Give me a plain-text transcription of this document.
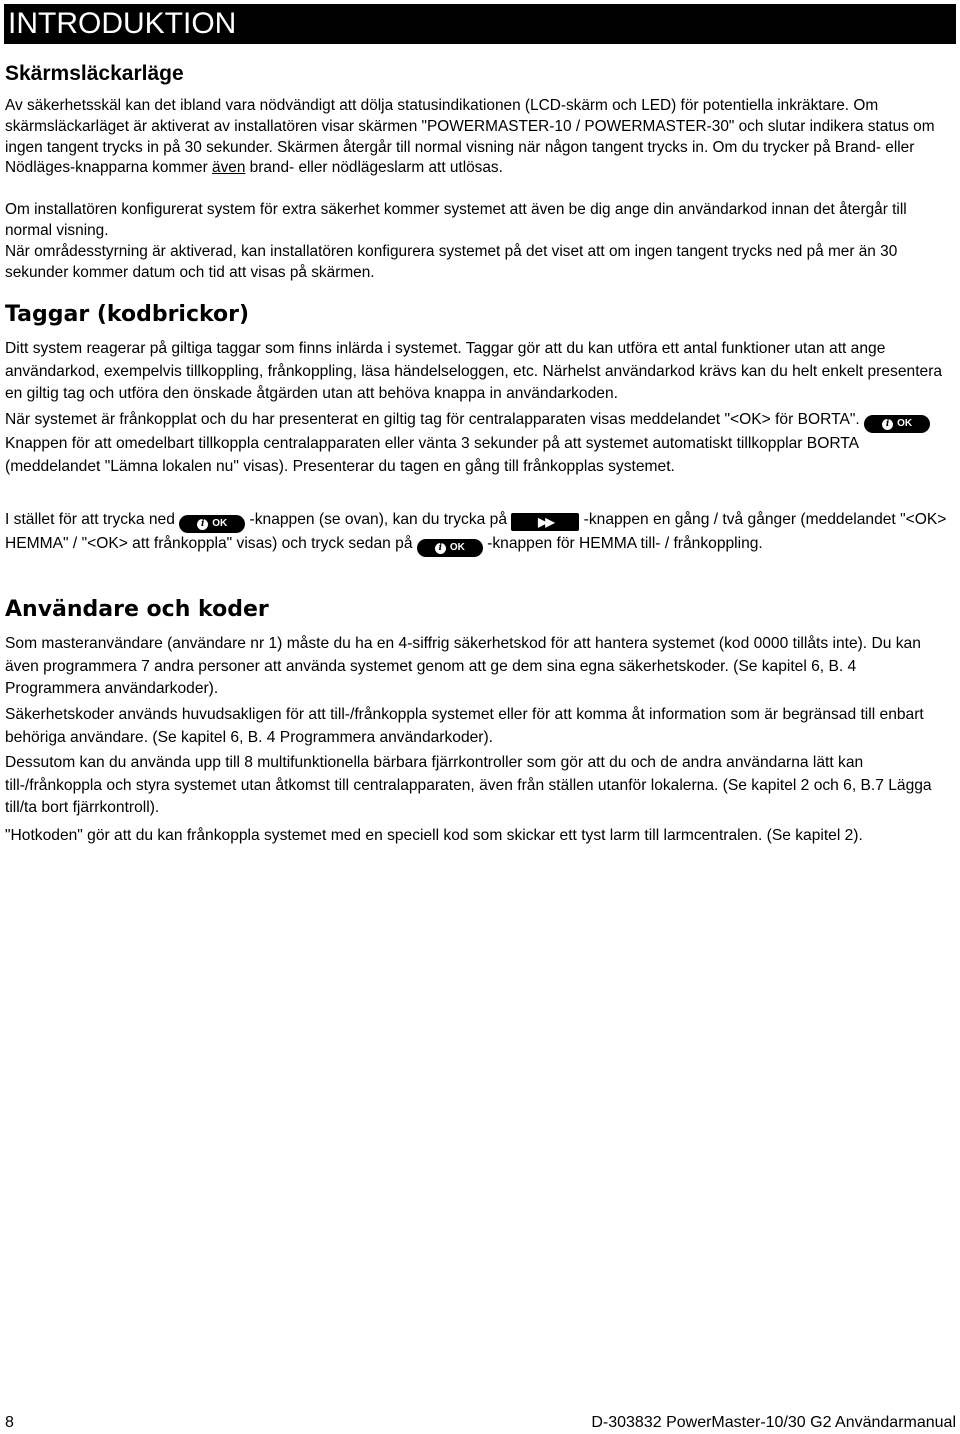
INTRODUKTION
Skärmsläckarläge
Av säkerhetsskäl kan det ibland vara nödvändigt att dölja statusindikationen (LCD-skärm och LED) för potentiella inkräktare. Om skärmsläckarläget är aktiverat av installatören visar skärmen "POWERMASTER-10 / POWERMASTER-30" och slutar indikera status om ingen tangent trycks in på 30 sekunder. Skärmen återgår till normal visning när någon tangent trycks in. Om du trycker på Brand- eller Nödläges-knapparna kommer även brand- eller nödlägeslarm att utlösas.
Om installatören konfigurerat system för extra säkerhet kommer systemet att även be dig ange din användarkod innan det återgår till normal visning.
När områdesstyrning är aktiverad, kan installatören konfigurera systemet på det viset att om ingen tangent trycks ned på mer än 30 sekunder kommer datum och tid att visas på skärmen.
Taggar (kodbrickor)
Ditt system reagerar på giltiga taggar som finns inlärda i systemet. Taggar gör att du kan utföra ett antal funktioner utan att ange användarkod, exempelvis tillkoppling, frånkoppling, läsa händelseloggen, etc. Närhelst användarkod krävs kan du helt enkelt presentera en giltig tag och utföra den önskade åtgärden utan att behöva knappa in användarkoden.
När systemet är frånkopplat och du har presenterat en giltig tag för centralapparaten visas meddelandet "<OK> för BORTA". i OKKnappen för att omedelbart tillkoppla centralapparaten eller vänta 3 sekunder på att systemet automatiskt tillkopplar BORTA (meddelandet "Lämna lokalen nu" visas). Presenterar du tagen en gång till frånkopplas systemet.
I stället för att trycka ned i OK -knappen (se ovan), kan du trycka på ▶▶ -knappen en gång / två gånger (meddelandet "<OK> HEMMA" / "<OK> att frånkoppla" visas) och tryck sedan på i OK -knappen för HEMMA till- / frånkoppling.
Användare och koder
Som masteranvändare (användare nr 1) måste du ha en 4-siffrig säkerhetskod för att hantera systemet (kod 0000 tillåts inte). Du kan även programmera 7 andra personer att använda systemet genom att ge dem sina egna säkerhetskoder. (Se kapitel 6, B. 4 Programmera användarkoder).
Säkerhetskoder används huvudsakligen för att till-/frånkoppla systemet eller för att komma åt information som är begränsad till enbart behöriga användare. (Se kapitel 6, B. 4 Programmera användarkoder).
Dessutom kan du använda upp till 8 multifunktionella bärbara fjärrkontroller som gör att du och de andra användarna lätt kan till-/frånkoppla och styra systemet utan åtkomst till centralapparaten, även från ställen utanför lokalerna. (Se kapitel 2 och 6, B.7 Lägga till/ta bort fjärrkontroll).
"Hotkoden" gör att du kan frånkoppla systemet med en speciell kod som skickar ett tyst larm till larmcentralen. (Se kapitel 2).
8	D-303832 PowerMaster-10/30 G2 Användarmanual
